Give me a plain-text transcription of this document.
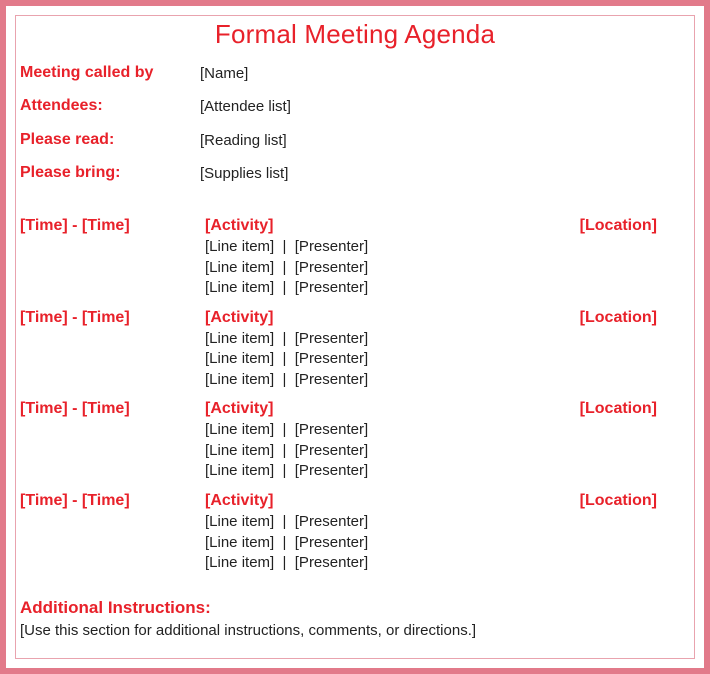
Formal Meeting Agenda
Meeting called by	[Name]
Attendees:	[Attendee list]
Please read:	[Reading list]
Please bring:	[Supplies list]
[Time] - [Time]	[Activity]	[Location]
[Line item]  |  [Presenter]
[Line item]  |  [Presenter]
[Line item]  |  [Presenter]
[Time] - [Time]	[Activity]	[Location]
[Line item]  |  [Presenter]
[Line item]  |  [Presenter]
[Line item]  |  [Presenter]
[Time] - [Time]	[Activity]	[Location]
[Line item]  |  [Presenter]
[Line item]  |  [Presenter]
[Line item]  |  [Presenter]
[Time] - [Time]	[Activity]	[Location]
[Line item]  |  [Presenter]
[Line item]  |  [Presenter]
[Line item]  |  [Presenter]
Additional Instructions:
[Use this section for additional instructions, comments, or directions.]
